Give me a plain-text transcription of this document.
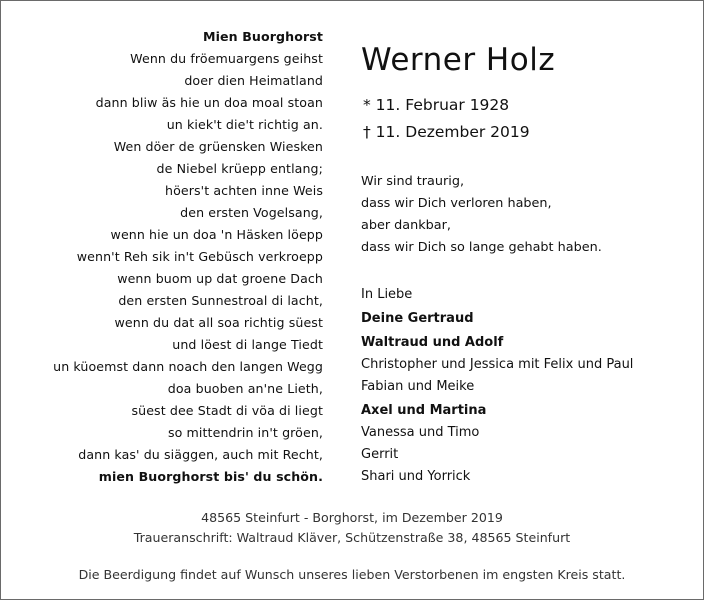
Mien Buorghorst
Wenn du fröemuargens geihst
doer dien Heimatland
dann bliw äs hie un doa moal stoan
un kiek't die't richtig an.
Wen döer de grüensken Wiesken
de Niebel krüepp entlang;
höers't achten inne Weis
den ersten Vogelsang,
wenn hie un doa 'n Häsken löepp
wenn't Reh sik in't Gebüsch verkroepp
wenn buom up dat groene Dach
den ersten Sunnestroal di lacht,
wenn du dat all soa richtig süest
und löest di lange Tiedt
un küoemst dann noach den langen Wegg
doa buoben an'ne Lieth,
süest dee Stadt di vöa di liegt
so mittendrin in't gröen,
dann kas' du siäggen, auch mit Recht,
mien Buorghorst bis' du schön.
Werner Holz
* 11. Februar 1928
† 11. Dezember 2019
Wir sind traurig,
dass wir Dich verloren haben,
aber dankbar,
dass wir Dich so lange gehabt haben.
In Liebe
Deine Gertraud
Waltraud und Adolf
Christopher und Jessica mit Felix und Paul
Fabian und Meike
Axel und Martina
Vanessa und Timo
Gerrit
Shari und Yorrick
48565 Steinfurt - Borghorst, im Dezember 2019
Traueranschrift: Waltraud Kläver, Schützenstraße 38, 48565 Steinfurt
Die Beerdigung findet auf Wunsch unseres lieben Verstorbenen im engsten Kreis statt.
